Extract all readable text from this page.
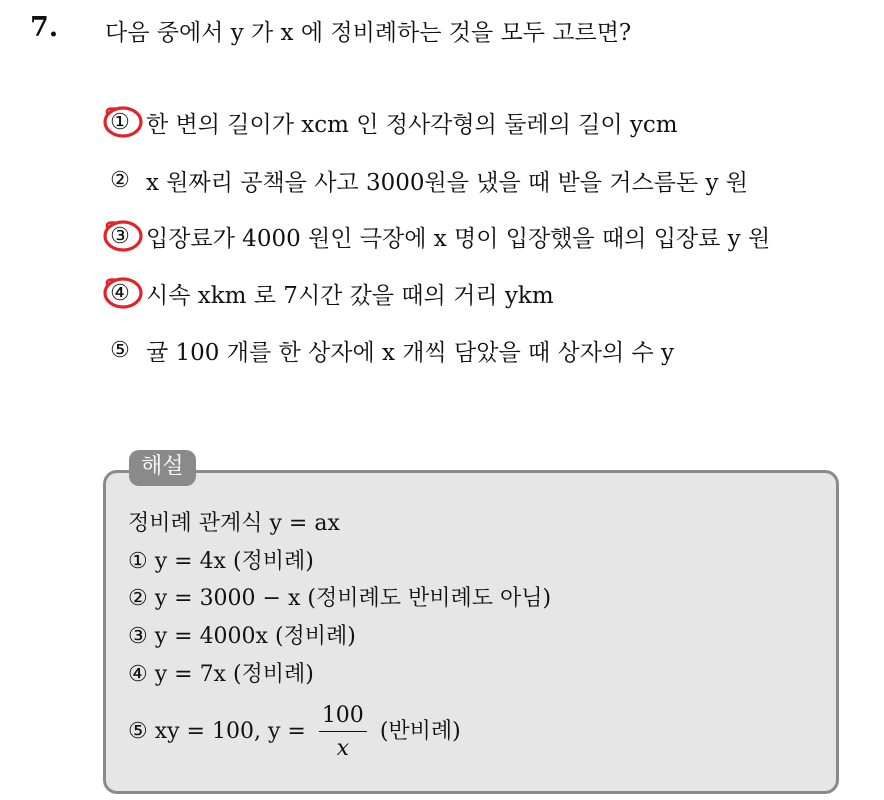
7. 다음 중에서 y 가 x 에 정비례하는 것을 모두 고르면?
① 한 변의 길이가 xcm 인 정사각형의 둘레의 길이 ycm
② x 원짜리 공책을 사고 3000원을 냈을 때 받을 거스름돈 y 원
③ 입장료가 4000 원인 극장에 x 명이 입장했을 때의 입장료 y 원
④ 시속 xkm 로 7시간 갔을 때의 거리 ykm
⑤ 귤 100 개를 한 상자에 x 개씩 담았을 때 상자의 수 y
해설
정비례 관계식 y = ax
① y = 4x (정비례)
② y = 3000 − x (정비례도 반비례도 아님)
③ y = 4000x (정비례)
④ y = 7x (정비례)
⑤ xy = 100, $y = \frac{100}{x}$ (반비례)
